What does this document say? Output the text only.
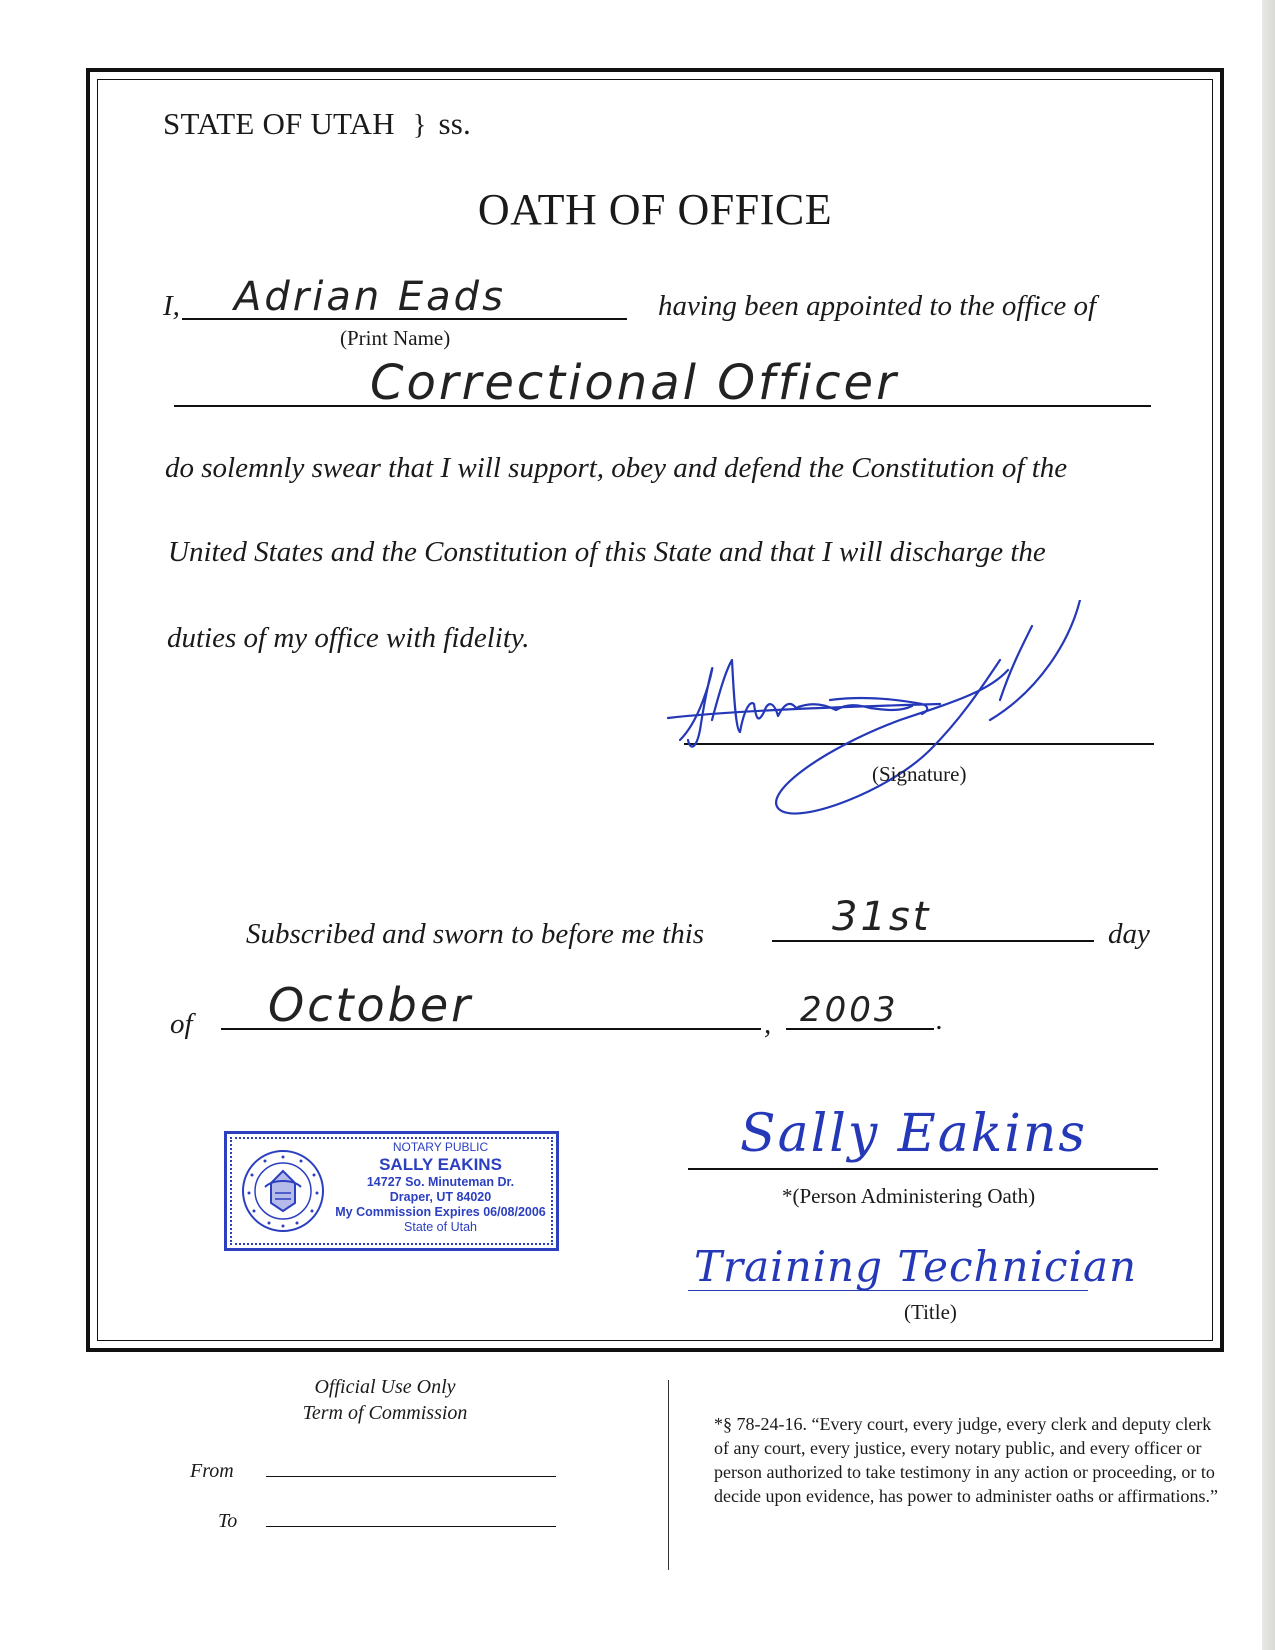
STATE OF UTAH } ss.
OATH OF OFFICE
I, Adrian Eads	having been appointed to the office of
(Print Name)
Correctional Officer
do solemnly swear that I will support, obey and defend the Constitution of the
United States and the Constitution of this State and that I will discharge the
duties of my office with fidelity.
(Signature)
Subscribed and sworn to before me this	31st	day
of October	, 2003 .
NOTARY PUBLIC
SALLY EAKINS
14727 So. Minuteman Dr.
Draper, UT 84020
My Commission Expires 06/08/2006
State of Utah
Sally Eakins
*(Person Administering Oath)
Training Technician
(Title)
Official Use Only
Term of Commission
From
To
*§ 78-24-16. “Every court, every judge, every clerk and deputy clerk of any court, every justice, every notary public, and every officer or person authorized to take testimony in any action or proceeding, or to decide upon evidence, has power to administer oaths or affirmations.”
